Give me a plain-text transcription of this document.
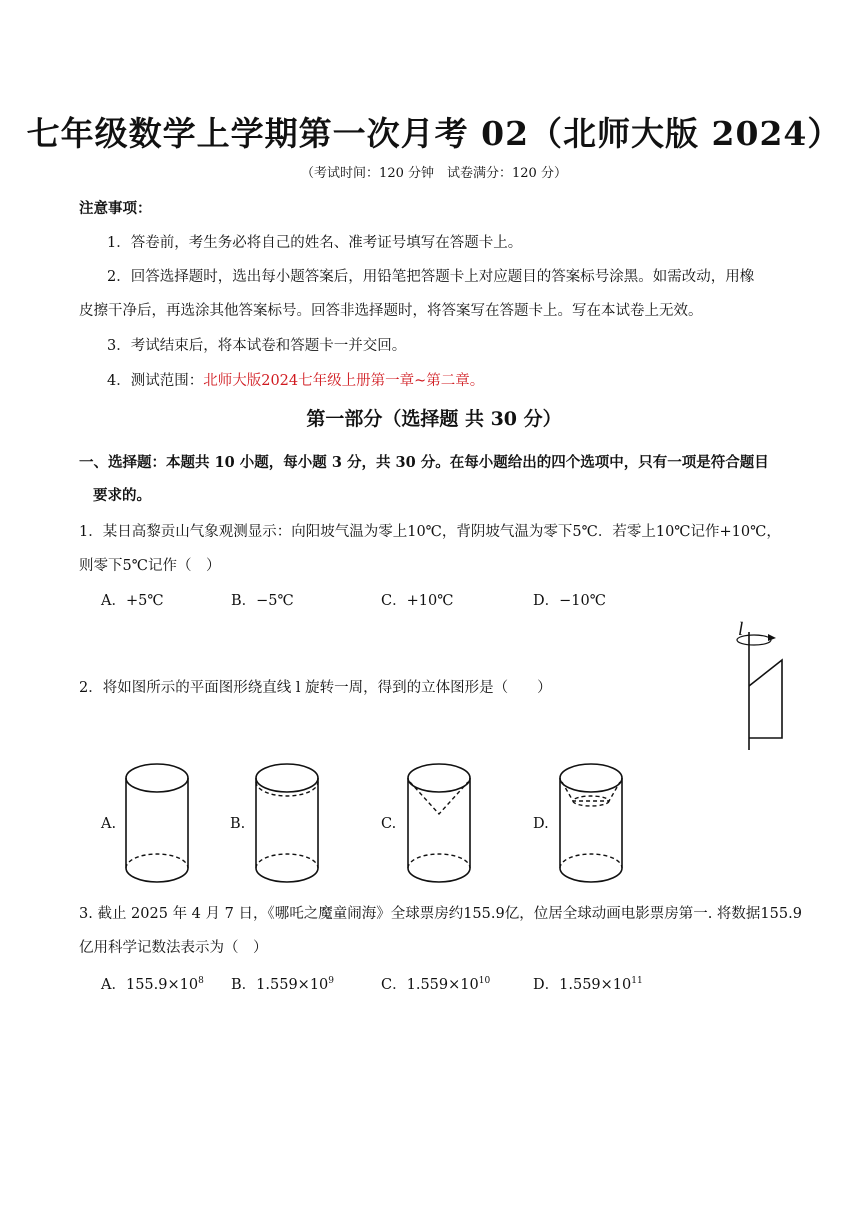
七年级数学上学期第一次月考 02（北师大版 2024）
（考试时间：120 分钟　试卷满分：120 分）
注意事项：
1．答卷前，考生务必将自己的姓名、准考证号填写在答题卡上。
2．回答选择题时，选出每小题答案后，用铅笔把答题卡上对应题目的答案标号涂黑。如需改动，用橡
皮擦干净后，再选涂其他答案标号。回答非选择题时，将答案写在答题卡上。写在本试卷上无效。
3．考试结束后，将本试卷和答题卡一并交回。
4．测试范围：北师大版2024七年级上册第一章~第二章。
第一部分（选择题 共 30 分）
一、选择题：本题共 10 小题，每小题 3 分，共 30 分。在每小题给出的四个选项中，只有一项是符合题目
要求的。
1．某日高黎贡山气象观测显示：向阳坡气温为零上10℃，背阴坡气温为零下5℃．若零上10℃记作+10℃，
则零下5℃记作（　）
A．+5℃	B．−5℃	C．+10℃	D．−10℃
2．将如图所示的平面图形绕直线 l 旋转一周，得到的立体图形是（　　）
l
A.	B.	C.	D.
3. 截止 2025 年 4 月 7 日，《哪吒之魔童闹海》全球票房约155.9亿，位居全球动画电影票房第一. 将数据155.9
亿用科学记数法表示为（　）
A．$155.9\times 10^8$ B．$1.559\times 10^9$	C．$1.559\times 10^{10}$	D．$1.559\times 10^{11}$
